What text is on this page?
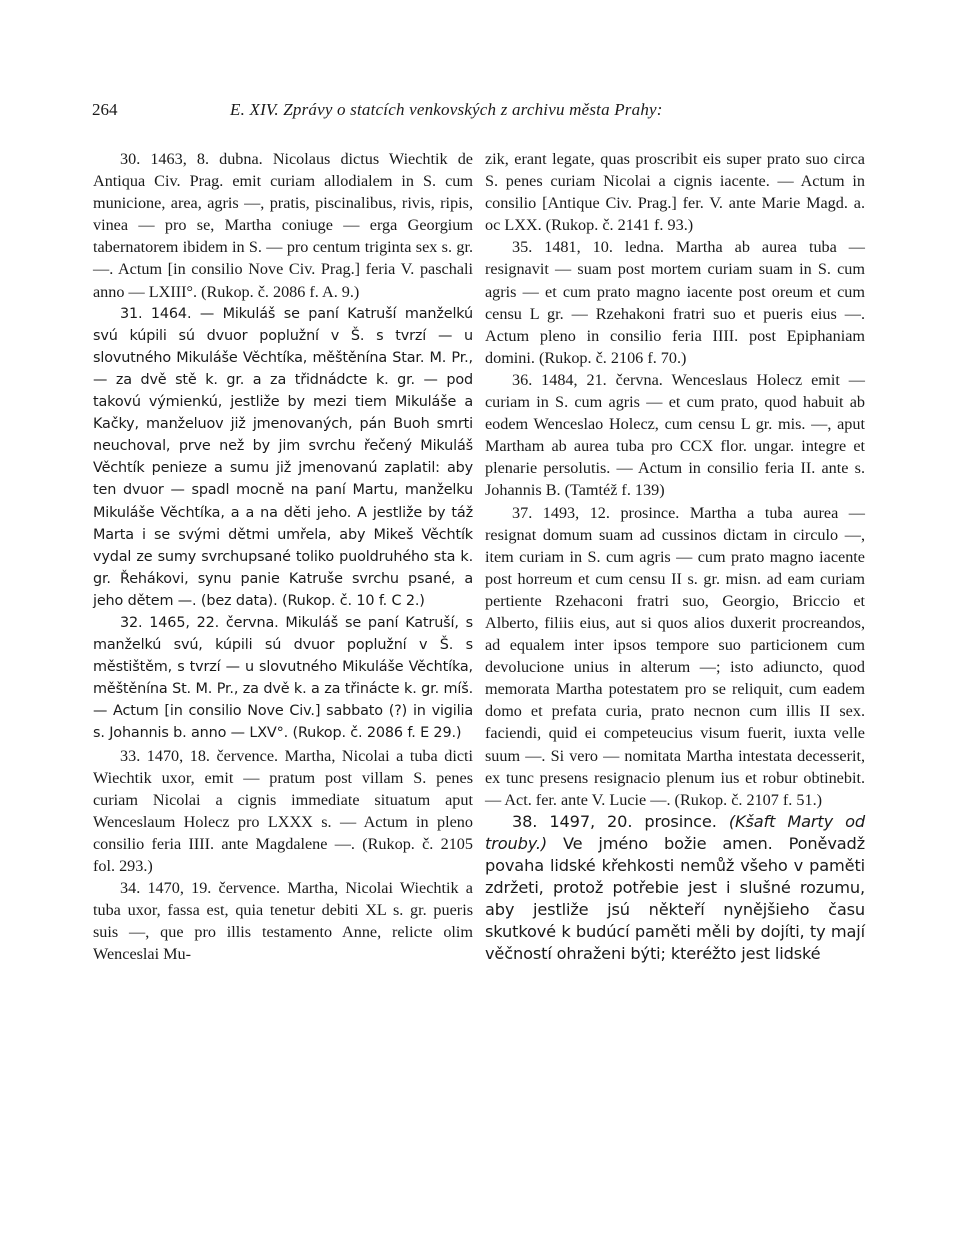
264	E. XIV. Zprávy o statcích venkovských z archivu města Prahy:

30. 1463, 8. dubna. Nicolaus dictus Wiechtik de Antiqua Civ. Prag. emit curiam allodialem in S. cum municione, area, agris —, pratis, piscinalibus, rivis, ripis, vinea — pro se, Martha coniuge — erga Georgium tabernatorem ibidem in S. — pro centum triginta sex s. gr. —. Actum [in consilio Nove Civ. Prag.] feria V. paschali anno — LXIII°. (Rukop. č. 2086 f. A. 9.)

31. 1464. — Mikuláš se paní Katruší manželkú svú kúpili sú dvuor poplužní v Š. s tvrzí — u slovutného Mikuláše Věchtíka, měštěnína Star. M. Pr., — za dvě stě k. gr. a za třidnádcte k. gr. — pod takovú výmienkú, jestliže by mezi tiem Mikuláše a Kačky, manželuov již jmenovaných, pán Buoh smrti neuchoval, prve než by jim svrchu řečený Mikuláš Věchtík penieze a sumu již jmenovanú zaplatil: aby ten dvuor — spadl mocně na paní Martu, manželku Mikuláše Věchtíka, a a na děti jeho. A jestliže by táž Marta i se svými dětmi umřela, aby Mikeš Věchtík vydal ze sumy svrchupsané toliko puoldruhého sta k. gr. Řehákovi, synu panie Katruše svrchu psané, a jeho dětem —. (bez data). (Rukop. č. 10 f. C 2.)

32. 1465, 22. června. Mikuláš se paní Katruší, s manželkú svú, kúpili sú dvuor poplužní v Š. s městištěm, s tvrzí — u slovutného Mikuláše Věchtíka, měštěnína St. M. Pr., za dvě k. a za třinácte k. gr. míš. — Actum [in consilio Nove Civ.] sabbato (?) in vigilia s. Johannis b. anno — LXV°. (Rukop. č. 2086 f. E 29.)

33. 1470, 18. července. Martha, Nicolai a tuba dicti Wiechtik uxor, emit — pratum post villam S. penes curiam Nicolai a cignis immediate situatum aput Wenceslaum Holecz pro LXXX s. — Actum in pleno consilio feria IIII. ante Magdalene —. (Rukop. č. 2105 fol. 293.)

34. 1470, 19. července. Martha, Nicolai Wiechtik a tuba uxor, fassa est, quia tenetur debiti XL s. gr. pueris suis —, que pro illis testamento Anne, relicte olim Wenceslai Mu-

zik, erant legate, quas proscribit eis super prato suo circa S. penes curiam Nicolai a cignis iacente. — Actum in consilio [Antique Civ. Prag.] fer. V. ante Marie Magd. a. oc LXX. (Rukop. č. 2141 f. 93.)

35. 1481, 10. ledna. Martha ab aurea tuba — resignavit — suam post mortem curiam suam in S. cum agris — et cum prato magno iacente post oreum et cum censu L gr. — Rzehakoni fratri suo et pueris eius —. Actum pleno in consilio feria IIII. post Epiphaniam domini. (Rukop. č. 2106 f. 70.)

36. 1484, 21. června. Wenceslaus Holecz emit — curiam in S. cum agris — et cum prato, quod habuit ab eodem Wenceslao Holecz, cum censu L gr. mis. —, aput Martham ab aurea tuba pro CCX flor. ungar. integre et plenarie persolutis. — Actum in consilio feria II. ante s. Johannis B. (Tamtéž f. 139)

37. 1493, 12. prosince. Martha a tuba aurea — resignat domum suam ad cussinos dictam in circulo —, item curiam in S. cum agris — cum prato magno iacente post horreum et cum censu II s. gr. misn. ad eam curiam pertiente Rzehaconi fratri suo, Georgio, Briccio et Alberto, filiis eius, aut si quos alios duxerit procreandos, ad equalem inter ipsos tempore suo particionem cum devolucione unius in alterum —; isto adiuncto, quod memorata Martha potestatem pro se reliquit, cum eadem domo et prefata curia, prato necnon cum illis II sex. faciendi, quid ei competeucius visum fuerit, iuxta velle suum —. Si vero — nomitata Martha intestata decesserit, ex tunc presens resignacio plenum ius et robur obtinebit. — Act. fer. ante V. Lucie —. (Rukop. č. 2107 f. 51.)

38. 1497, 20. prosince. (Kšaft Marty od trouby.) Ve jméno božie amen. Poněvadž povaha lidské křehkosti nemůž všeho v paměti zdržeti, protož potřebie jest i slušné rozumu, aby jestliže jsú někteří nynějšieho času skutkové k budúcí paměti měli by dojíti, ty mají věčností ohraženi býti; kteréžto jest lidské
